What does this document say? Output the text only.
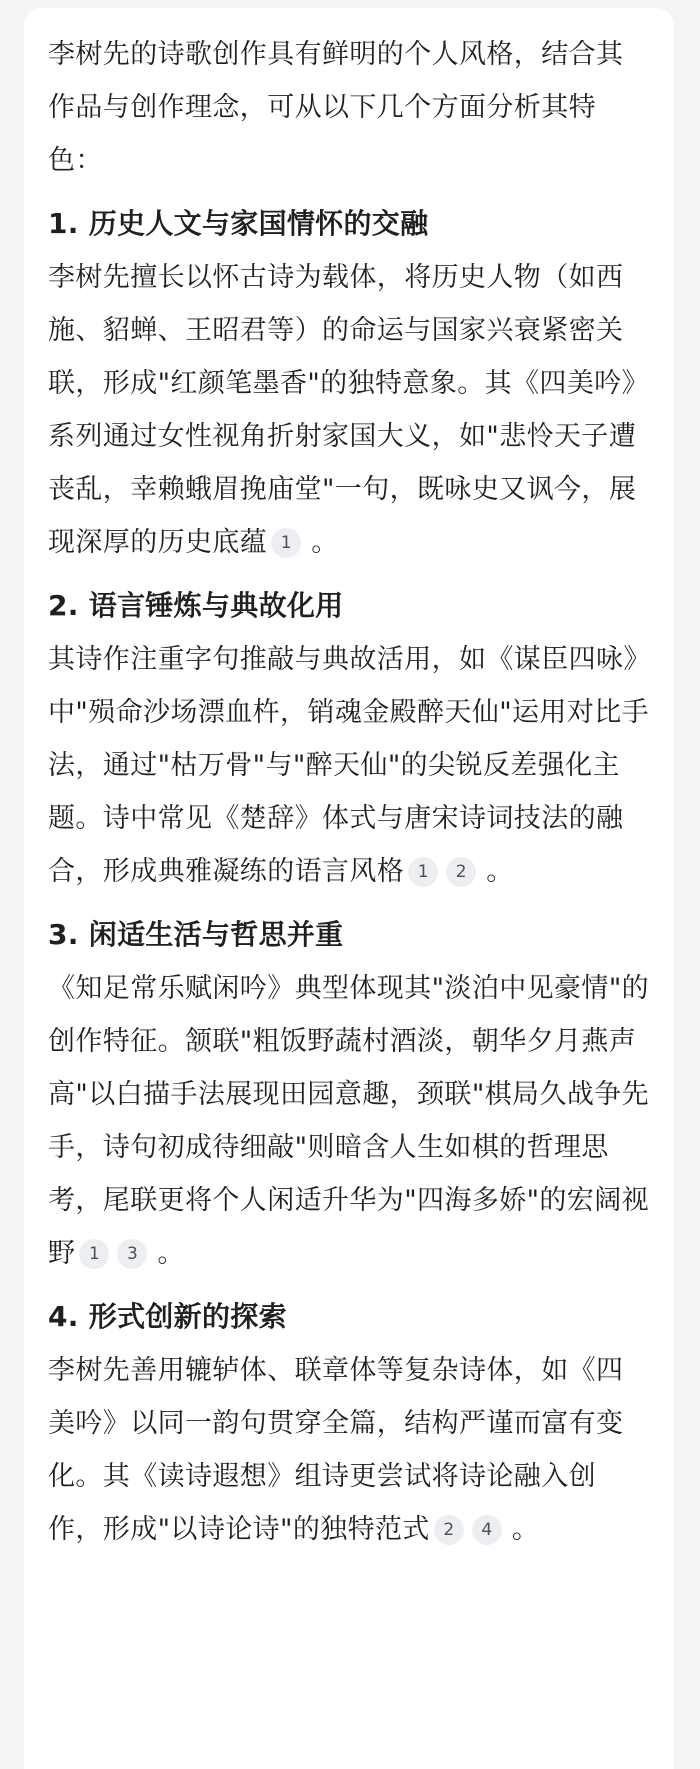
李树先的诗歌创作具有鲜明的个人风格，结合其作品与创作理念，可从以下几个方面分析其特色：

1. 历史人文与家国情怀的交融

李树先擅长以怀古诗为载体，将历史人物（如西施、貂蝉、王昭君等）的命运与国家兴衰紧密关联，形成"红颜笔墨香"的独特意象。其《四美吟》系列通过女性视角折射家国大义，如"悲怜天子遭丧乱，幸赖蛾眉挽庙堂"一句，既咏史又讽今，展现深厚的历史底蕴 1 。

2. 语言锤炼与典故化用

其诗作注重字句推敲与典故活用，如《谋臣四咏》中"殒命沙场漂血杵，销魂金殿醉天仙"运用对比手法，通过"枯万骨"与"醉天仙"的尖锐反差强化主题。诗中常见《楚辞》体式与唐宋诗词技法的融合，形成典雅凝练的语言风格 1 2 。

3. 闲适生活与哲思并重

《知足常乐赋闲吟》典型体现其"淡泊中见豪情"的创作特征。颔联"粗饭野蔬村酒淡，朝华夕月燕声高"以白描手法展现田园意趣，颈联"棋局久战争先手，诗句初成待细敲"则暗含人生如棋的哲理思考，尾联更将个人闲适升华为"四海多娇"的宏阔视野 1 3 。

4. 形式创新的探索

李树先善用辘轳体、联章体等复杂诗体，如《四美吟》以同一韵句贯穿全篇，结构严谨而富有变化。其《读诗遐想》组诗更尝试将诗论融入创作，形成"以诗论诗"的独特范式 2 4 。
